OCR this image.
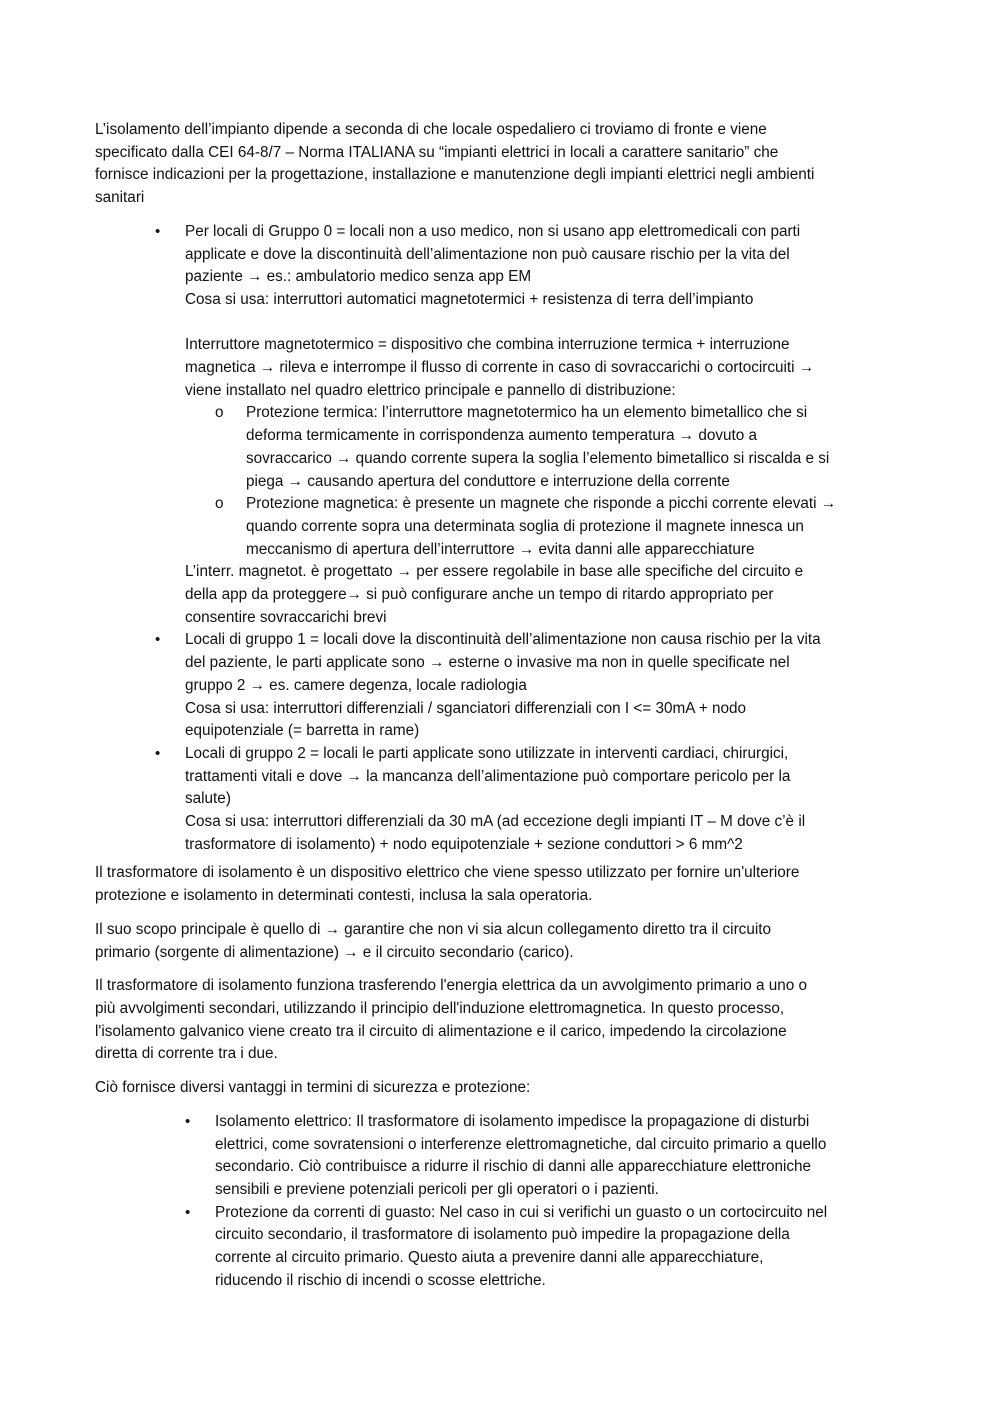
L’isolamento dell’impianto dipende a seconda di che locale ospedaliero ci troviamo di fronte e viene
specificato dalla CEI 64-8/7 – Norma ITALIANA su “impianti elettrici in locali a carattere sanitario” che
fornisce indicazioni per la progettazione, installazione e manutenzione degli impianti elettrici negli ambienti
sanitari

• Per locali di Gruppo 0 = locali non a uso medico, non si usano app elettromedicali con parti
applicate e dove la discontinuità dell’alimentazione non può causare rischio per la vita del
paziente → es.: ambulatorio medico senza app EM
Cosa si usa: interruttori automatici magnetotermici + resistenza di terra dell’impianto
Interruttore magnetotermico = dispositivo che combina interruzione termica + interruzione
magnetica → rileva e interrompe il flusso di corrente in caso di sovraccarichi o cortocircuiti →
viene installato nel quadro elettrico principale e pannello di distribuzione:
o Protezione termica: l’interruttore magnetotermico ha un elemento bimetallico che si
deforma termicamente in corrispondenza aumento temperatura → dovuto a
sovraccarico → quando corrente supera la soglia l’elemento bimetallico si riscalda e si
piega → causando apertura del conduttore e interruzione della corrente
o Protezione magnetica: è presente un magnete che risponde a picchi corrente elevati →
quando corrente sopra una determinata soglia di protezione il magnete innesca un
meccanismo di apertura dell’interruttore → evita danni alle apparecchiature
L’interr. magnetot. è progettato → per essere regolabile in base alle specifiche del circuito e
della app da proteggere→ si può configurare anche un tempo di ritardo appropriato per
consentire sovraccarichi brevi
• Locali di gruppo 1 = locali dove la discontinuità dell’alimentazione non causa rischio per la vita
del paziente, le parti applicate sono → esterne o invasive ma non in quelle specificate nel
gruppo 2 → es. camere degenza, locale radiologia
Cosa si usa: interruttori differenziali / sganciatori differenziali con I <= 30mA + nodo
equipotenziale (= barretta in rame)
• Locali di gruppo 2 = locali le parti applicate sono utilizzate in interventi cardiaci, chirurgici,
trattamenti vitali e dove → la mancanza dell’alimentazione può comportare pericolo per la
salute)
Cosa si usa: interruttori differenziali da 30 mA (ad eccezione degli impianti IT – M dove c’è il
trasformatore di isolamento) + nodo equipotenziale + sezione conduttori > 6 mm^2

Il trasformatore di isolamento è un dispositivo elettrico che viene spesso utilizzato per fornire un'ulteriore
protezione e isolamento in determinati contesti, inclusa la sala operatoria.

Il suo scopo principale è quello di → garantire che non vi sia alcun collegamento diretto tra il circuito
primario (sorgente di alimentazione) → e il circuito secondario (carico).

Il trasformatore di isolamento funziona trasferendo l'energia elettrica da un avvolgimento primario a uno o
più avvolgimenti secondari, utilizzando il principio dell'induzione elettromagnetica. In questo processo,
l'isolamento galvanico viene creato tra il circuito di alimentazione e il carico, impedendo la circolazione
diretta di corrente tra i due.

Ciò fornisce diversi vantaggi in termini di sicurezza e protezione:

• Isolamento elettrico: Il trasformatore di isolamento impedisce la propagazione di disturbi
elettrici, come sovratensioni o interferenze elettromagnetiche, dal circuito primario a quello
secondario. Ciò contribuisce a ridurre il rischio di danni alle apparecchiature elettroniche
sensibili e previene potenziali pericoli per gli operatori o i pazienti.
• Protezione da correnti di guasto: Nel caso in cui si verifichi un guasto o un cortocircuito nel
circuito secondario, il trasformatore di isolamento può impedire la propagazione della
corrente al circuito primario. Questo aiuta a prevenire danni alle apparecchiature,
riducendo il rischio di incendi o scosse elettriche.
